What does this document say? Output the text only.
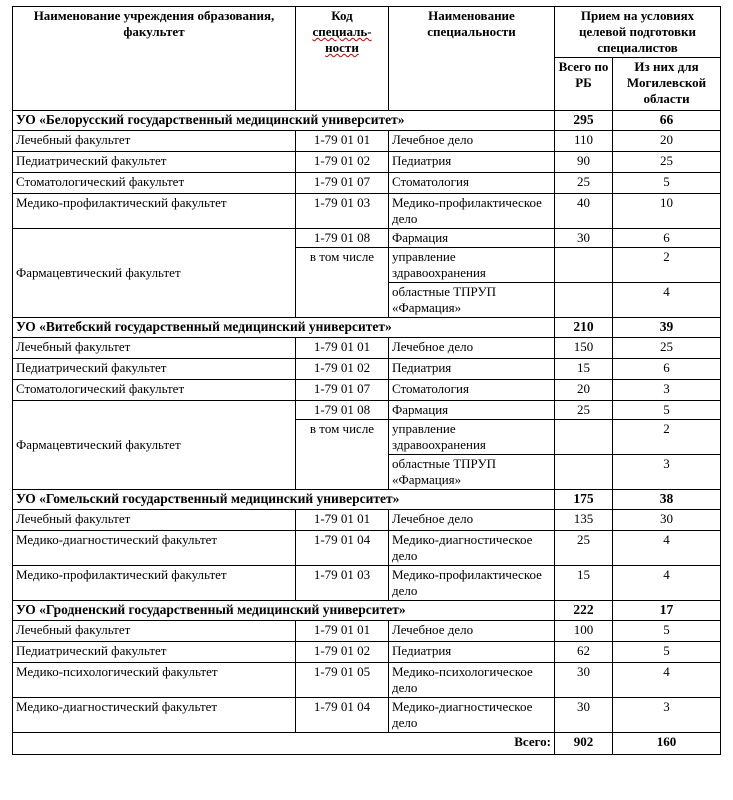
Наименование учреждения образования, факультет	Код
специаль-
ности	Наименование специальности	Прием на условиях целевой подготовки специалистов	
			Всего по РБ	Из них для Могилевской области
УО «Белорусский государственный медицинский университет»			295	66
Лечебный факультет	1-79 01 01	Лечебное дело	110	20
Педиатрический факультет	1-79 01 02	Педиатрия	90	25
Стоматологический факультет	1-79 01 07	Стоматология	25	5
Медико-профилактический факультет	1-79 01 03	Медико-профилактическое дело	40	10
Фармацевтический факультет	1-79 01 08	Фармация	30	6
	в том числе	управление здравоохранения		2
		областные ТПРУП «Фармация»		4
УО «Витебский государственный медицинский университет»			210	39
Лечебный факультет	1-79 01 01	Лечебное дело	150	25
Педиатрический факультет	1-79 01 02	Педиатрия	15	6
Стоматологический факультет	1-79 01 07	Стоматология	20	3
Фармацевтический факультет	1-79 01 08	Фармация	25	5
	в том числе	управление здравоохранения		2
		областные ТПРУП «Фармация»		3
УО «Гомельский государственный медицинский университет»			175	38
Лечебный факультет	1-79 01 01	Лечебное дело	135	30
Медико-диагностический факультет	1-79 01 04	Медико-диагностическое дело	25	4
Медико-профилактический факультет	1-79 01 03	Медико-профилактическое дело	15	4
УО «Гродненский государственный медицинский университет»			222	17
Лечебный факультет	1-79 01 01	Лечебное дело	100	5
Педиатрический факультет	1-79 01 02	Педиатрия	62	5
Медико-психологический факультет	1-79 01 05	Медико-психологическое дело	30	4
Медико-диагностический факультет	1-79 01 04	Медико-диагностическое дело	30	3
Всего:			902	160
